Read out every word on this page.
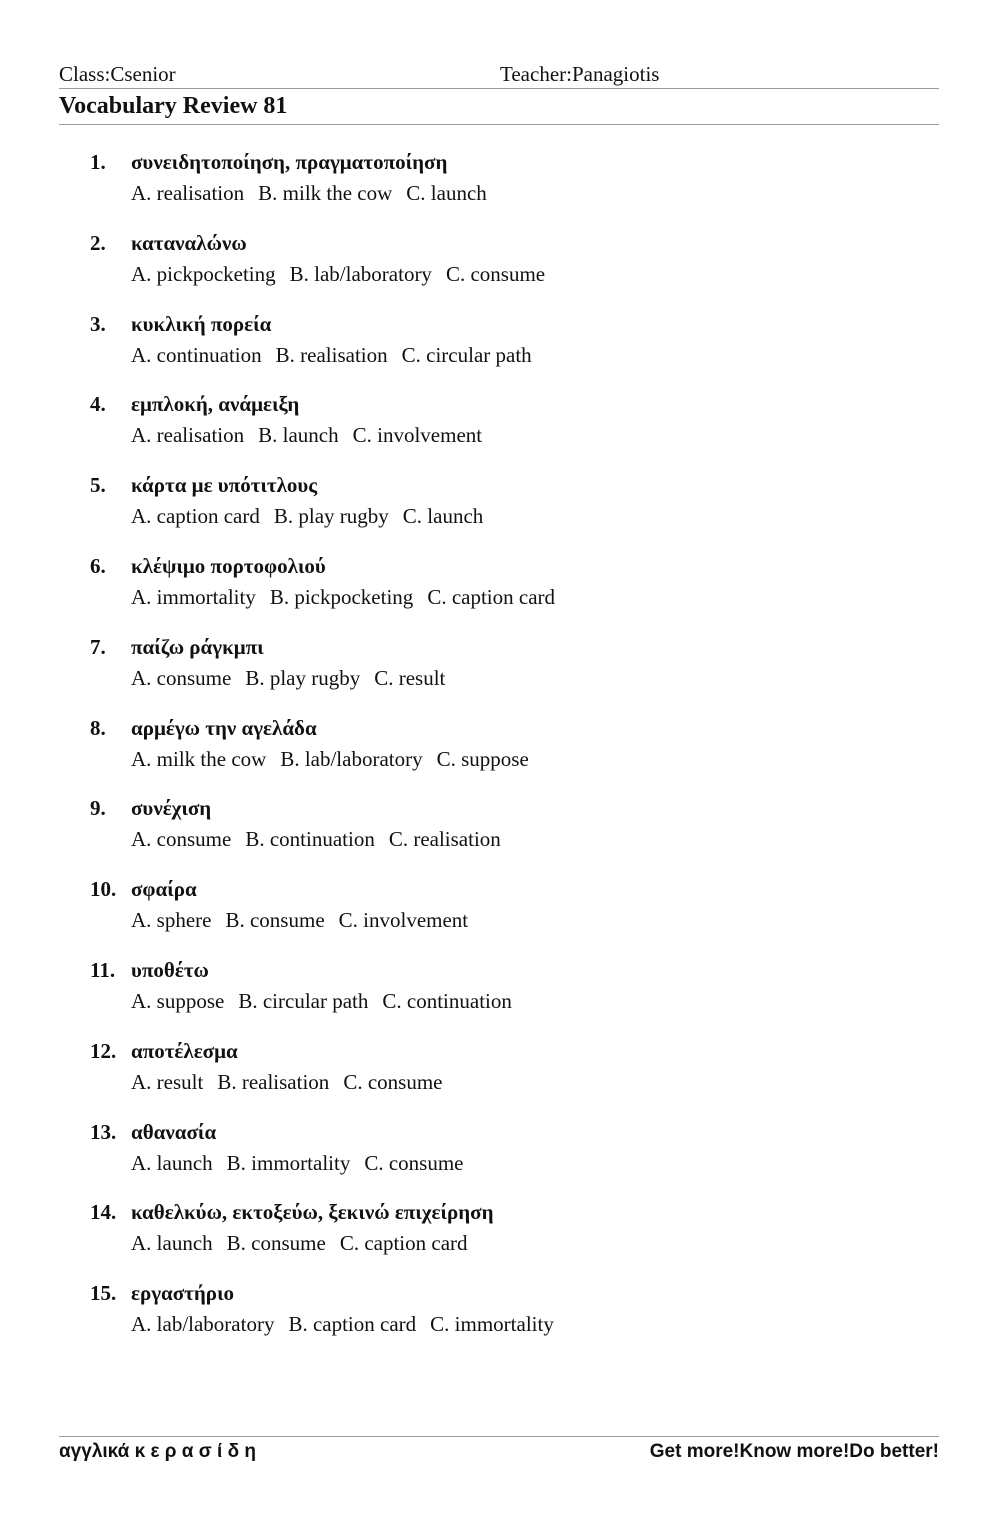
Class:Csenior	Teacher:Panagiotis
Vocabulary Review 81
1. συνειδητοποίηση, πραγματοποίηση
A. realisation B. milk the cow C. launch
2. καταναλώνω
A. pickpocketing B. lab/laboratory C. consume
3. κυκλική πορεία
A. continuation B. realisation C. circular path
4. εμπλοκή, ανάμειξη
A. realisation B. launch C. involvement
5. κάρτα με υπότιτλους
A. caption card B. play rugby C. launch
6. κλέψιμο πορτοφολιού
A. immortality B. pickpocketing C. caption card
7. παίζω ράγκμπι
A. consume B. play rugby C. result
8. αρμέγω την αγελάδα
A. milk the cow B. lab/laboratory C. suppose
9. συνέχιση
A. consume B. continuation C. realisation
10. σφαίρα
A. sphere B. consume C. involvement
11. υποθέτω
A. suppose B. circular path C. continuation
12. αποτέλεσμα
A. result B. realisation C. consume
13. αθανασία
A. launch B. immortality C. consume
14. καθελκύω, εκτοξεύω, ξεκινώ επιχείρηση
A. launch B. consume C. caption card
15. εργαστήριο
A. lab/laboratory B. caption card C. immortality
αγγλικά κ ε ρ α σ ί δ η	Get more!Know more!Do better!
